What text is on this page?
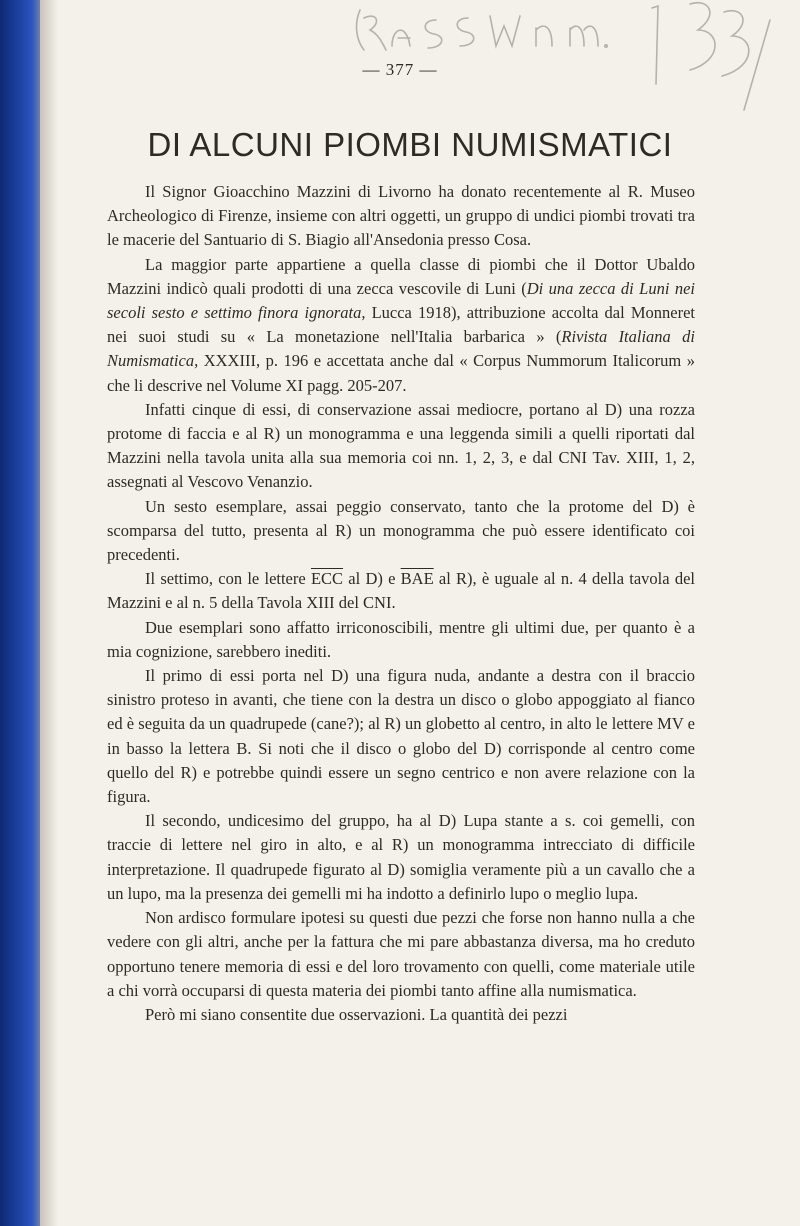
— 377 —
DI ALCUNI PIOMBI NUMISMATICI

Il Signor Gioacchino Mazzini di Livorno ha donato recentemente al R. Museo Archeologico di Firenze, insieme con altri oggetti, un gruppo di undici piombi trovati tra le macerie del Santuario di S. Biagio all'Ansedonia presso Cosa.

La maggior parte appartiene a quella classe di piombi che il Dottor Ubaldo Mazzini indicò quali prodotti di una zecca vescovile di Luni (Di una zecca di Luni nei secoli sesto e settimo finora ignorata, Lucca 1918), attribuzione accolta dal Monneret nei suoi studi su « La monetazione nell'Italia barbarica » (Rivista Italiana di Numismatica, XXXIII, p. 196 e accettata anche dal « Corpus Nummorum Italicorum » che li descrive nel Volume XI pagg. 205-207.

Infatti cinque di essi, di conservazione assai mediocre, portano al D) una rozza protome di faccia e al R) un monogramma e una leggenda simili a quelli riportati dal Mazzini nella tavola unita alla sua memoria coi nn. 1, 2, 3, e dal CNI Tav. XIII, 1, 2, assegnati al Vescovo Venanzio.

Un sesto esemplare, assai peggio conservato, tanto che la protome del D) è scomparsa del tutto, presenta al R) un monogramma che può essere identificato coi precedenti.

Il settimo, con le lettere $\overline{ECC}$ al D) e $\overline{BAE}$ al R), è uguale al n. 4 della tavola del Mazzini e al n. 5 della Tavola XIII del CNI.

Due esemplari sono affatto irriconoscibili, mentre gli ultimi due, per quanto è a mia cognizione, sarebbero inediti.

Il primo di essi porta nel D) una figura nuda, andante a destra con il braccio sinistro proteso in avanti, che tiene con la destra un disco o globo appoggiato al fianco ed è seguita da un quadrupede (cane?); al R) un globetto al centro, in alto le lettere MV e in basso la lettera B. Si noti che il disco o globo del D) corrisponde al centro come quello del R) e potrebbe quindi essere un segno centrico e non avere relazione con la figura.

Il secondo, undicesimo del gruppo, ha al D) Lupa stante a s. coi gemelli, con traccie di lettere nel giro in alto, e al R) un monogramma intrecciato di difficile interpretazione. Il quadrupede figurato al D) somiglia veramente più a un cavallo che a un lupo, ma la presenza dei gemelli mi ha indotto a definirlo lupo o meglio lupa.

Non ardisco formulare ipotesi su questi due pezzi che forse non hanno nulla a che vedere con gli altri, anche per la fattura che mi pare abbastanza diversa, ma ho creduto opportuno tenere memoria di essi e del loro trovamento con quelli, come materiale utile a chi vorrà occuparsi di questa materia dei piombi tanto affine alla numismatica.

Però mi siano consentite due osservazioni. La quantità dei pezzi
